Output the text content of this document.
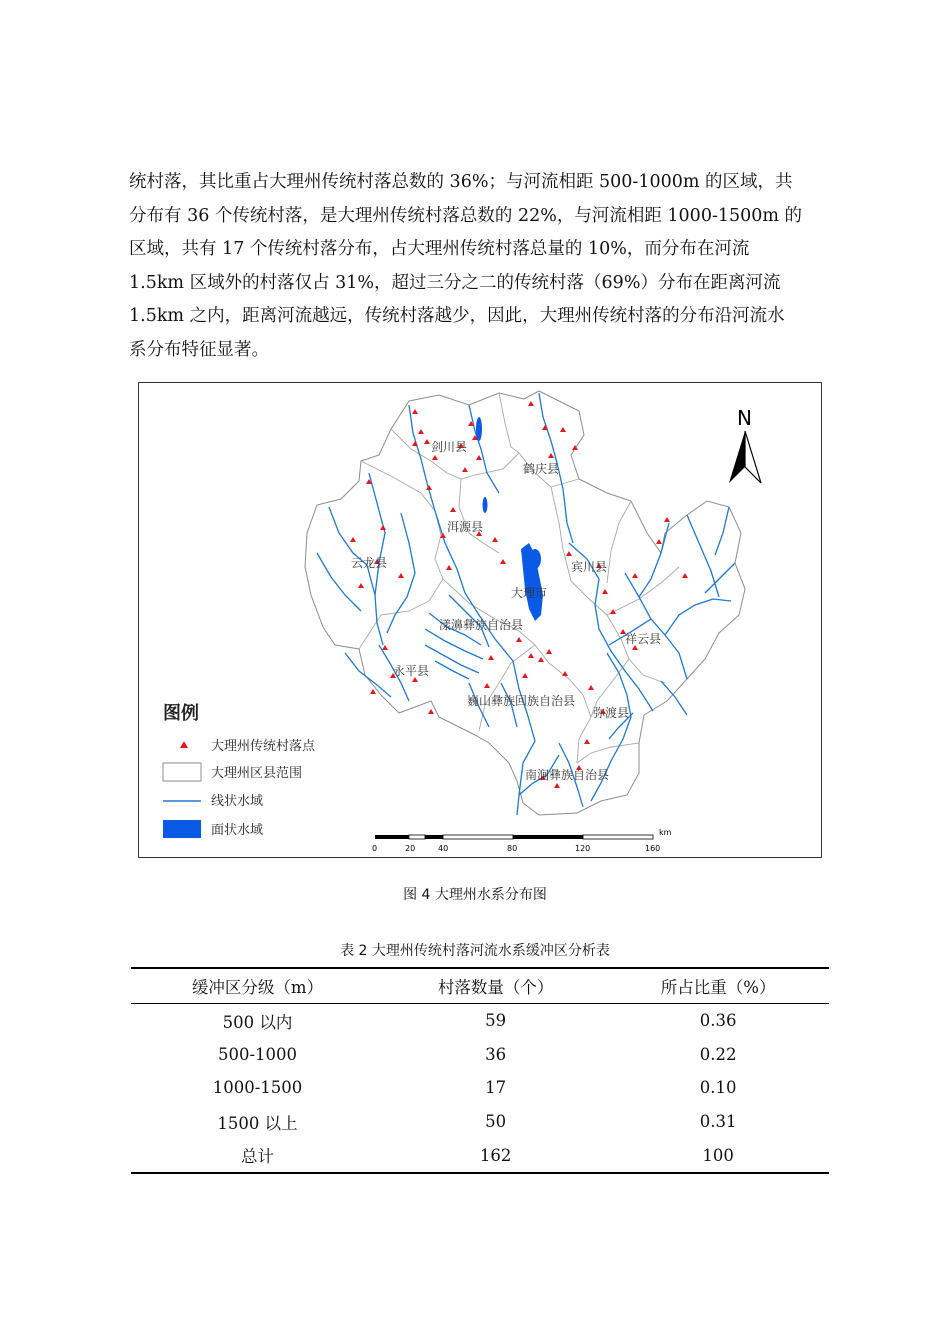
统村落，其比重占大理州传统村落总数的 36%；与河流相距 500-1000m 的区域，共

分布有 36 个传统村落，是大理州传统村落总数的 22%，与河流相距 1000-1500m 的

区域，共有 17 个传统村落分布，占大理州传统村落总量的 10%，而分布在河流

1.5km 区域外的村落仅占 31%，超过三分之二的传统村落（69%）分布在距离河流

1.5km 之内，距离河流越远，传统村落越少，因此，大理州传统村落的分布沿河流水

系分布特征显著。

剑川县
鹤庆县
洱源县
云龙县	宾川县
大理市
漾濞彝族自治县
祥云县
永平县
巍山彝族回族自治县
弥渡县
南涧彝族自治县
N
图例
大理州传统村落点
大理州区县范围
线状水域
面状水域	km
0	20	40	80	120	160
图 4 大理州水系分布图
表 2 大理州传统村落河流水系缓冲区分析表
缓冲区分级（m）	村落数量（个）	所占比重（%）
500 以内	59	0.36
500-1000	36	0.22
1000-1500	17	0.10
1500 以上	50	0.31
总计	162	100
